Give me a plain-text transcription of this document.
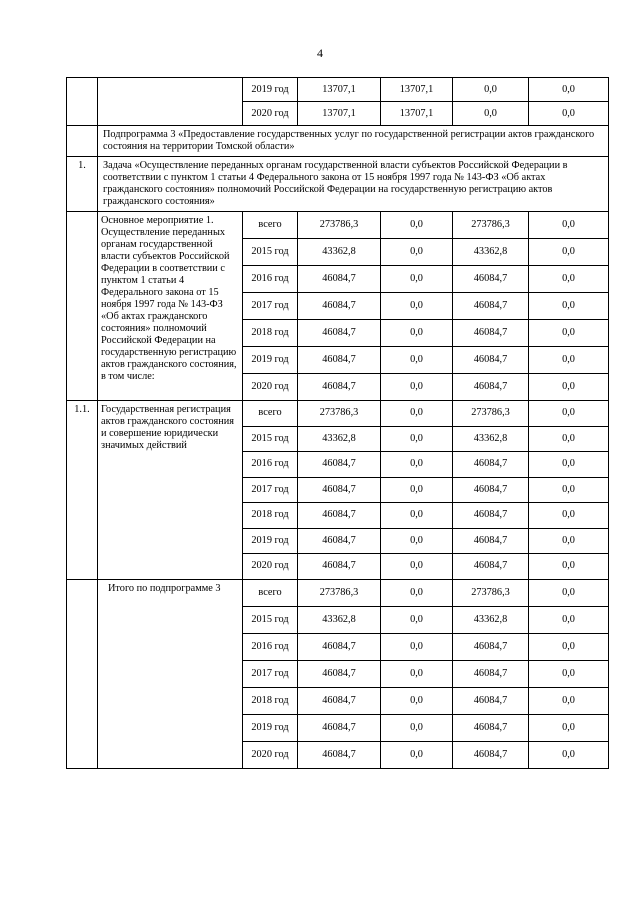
4
		2019 год	13707,1	13707,1	0,0	0,0
		2020 год	13707,1	13707,1	0,0	0,0
	Подпрограмма 3 «Предоставление государственных услуг по государственной регистрации актов гражданского состояния на территории Томской области»					
1.	Задача «Осуществление переданных органам государственной власти субъектов Российской Федерации в соответствии с пунктом 1 статьи 4 Федерального закона от 15 ноября 1997 года № 143-ФЗ «Об актах гражданского состояния» полномочий Российской Федерации на государственную регистрацию актов гражданского состояния»					
	Основное мероприятие 1. Осуществление переданных органам государственной власти субъектов Российской Федерации в соответствии с пунктом 1 статьи 4 Федерального закона от 15 ноября 1997 года № 143-ФЗ «Об актах гражданского состояния» полномочий Российской Федерации на государственную регистрацию актов гражданского состояния, в том числе:	всего	273786,3	0,0	273786,3	0,0
		2015 год	43362,8	0,0	43362,8	0,0
		2016 год	46084,7	0,0	46084,7	0,0
		2017 год	46084,7	0,0	46084,7	0,0
		2018 год	46084,7	0,0	46084,7	0,0
		2019 год	46084,7	0,0	46084,7	0,0
		2020 год	46084,7	0,0	46084,7	0,0
1.1.	Государственная регистрация актов гражданского состояния и совершение юридически значимых действий	всего	273786,3	0,0	273786,3	0,0
		2015 год	43362,8	0,0	43362,8	0,0
		2016 год	46084,7	0,0	46084,7	0,0
		2017 год	46084,7	0,0	46084,7	0,0
		2018 год	46084,7	0,0	46084,7	0,0
		2019 год	46084,7	0,0	46084,7	0,0
		2020 год	46084,7	0,0	46084,7	0,0
	Итого по подпрограмме 3	всего	273786,3	0,0	273786,3	0,0
		2015 год	43362,8	0,0	43362,8	0,0
		2016 год	46084,7	0,0	46084,7	0,0
		2017 год	46084,7	0,0	46084,7	0,0
		2018 год	46084,7	0,0	46084,7	0,0
		2019 год	46084,7	0,0	46084,7	0,0
		2020 год	46084,7	0,0	46084,7	0,0
